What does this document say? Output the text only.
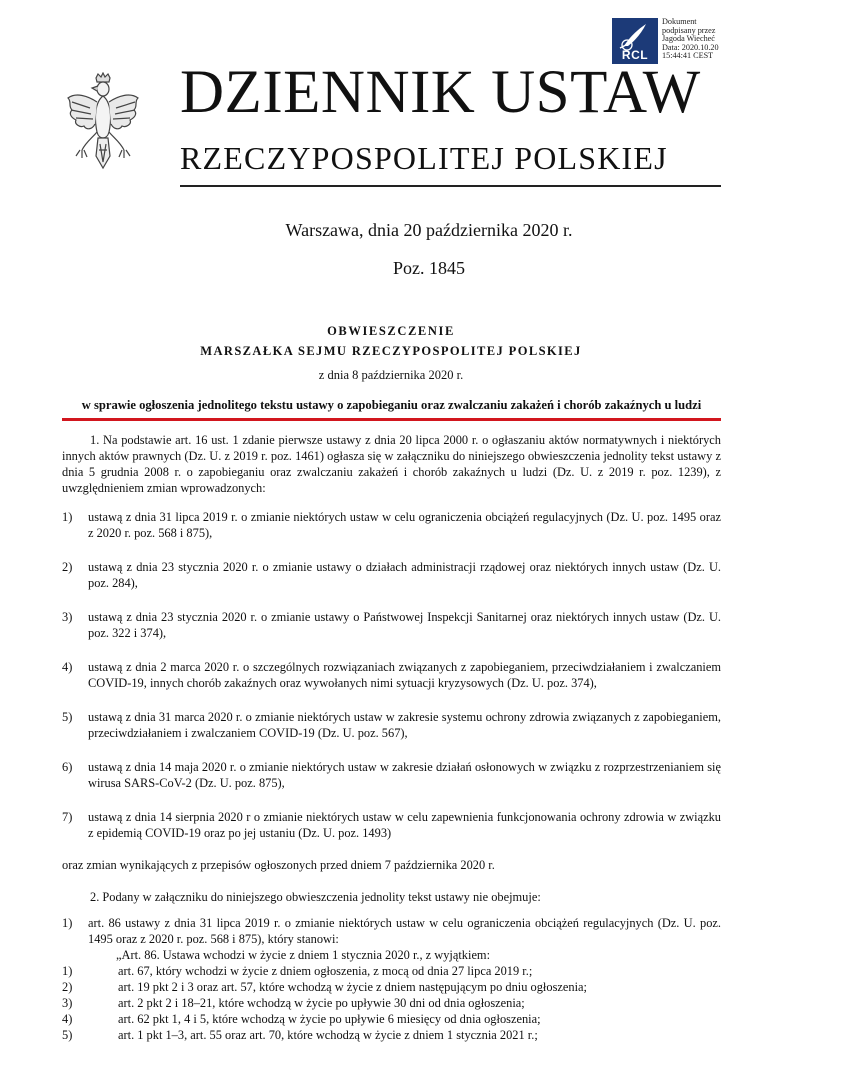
RCL
Dokument
podpisany przez
Jagoda Wiecheć
Data: 2020.10.20
15:44:41 CEST
DZIENNIK USTAW
RZECZYPOSPOLITEJ POLSKIEJ
Warszawa, dnia 20 października 2020 r.
Poz. 1845
OBWIESZCZENIE
MARSZAŁKA SEJMU RZECZYPOSPOLITEJ POLSKIEJ
z dnia 8 października 2020 r.
w sprawie ogłoszenia jednolitego tekstu ustawy o zapobieganiu oraz zwalczaniu zakażeń i chorób zakaźnych u ludzi

1. Na podstawie art. 16 ust. 1 zdanie pierwsze ustawy z dnia 20 lipca 2000 r. o ogłaszaniu aktów normatywnych i niektórych innych aktów prawnych (Dz. U. z 2019 r. poz. 1461) ogłasza się w załączniku do niniejszego obwieszczenia jednolity tekst ustawy z dnia 5 grudnia 2008 r. o zapobieganiu oraz zwalczaniu zakażeń i chorób zakaźnych u ludzi (Dz. U. z 2019 r. poz. 1239), z uwzględnieniem zmian wprowadzonych:

1) ustawą z dnia 31 lipca 2019 r. o zmianie niektórych ustaw w celu ograniczenia obciążeń regulacyjnych (Dz. U. poz. 1495 oraz z 2020 r. poz. 568 i 875),
2) ustawą z dnia 23 stycznia 2020 r. o zmianie ustawy o działach administracji rządowej oraz niektórych innych ustaw (Dz. U. poz. 284),
3) ustawą z dnia 23 stycznia 2020 r. o zmianie ustawy o Państwowej Inspekcji Sanitarnej oraz niektórych innych ustaw (Dz. U. poz. 322 i 374),
4) ustawą z dnia 2 marca 2020 r. o szczególnych rozwiązaniach związanych z zapobieganiem, przeciwdziałaniem i zwalczaniem COVID-19, innych chorób zakaźnych oraz wywołanych nimi sytuacji kryzysowych (Dz. U. poz. 374),
5) ustawą z dnia 31 marca 2020 r. o zmianie niektórych ustaw w zakresie systemu ochrony zdrowia związanych z zapobieganiem, przeciwdziałaniem i zwalczaniem COVID-19 (Dz. U. poz. 567),
6) ustawą z dnia 14 maja 2020 r. o zmianie niektórych ustaw w zakresie działań osłonowych w związku z rozprzestrzenianiem się wirusa SARS-CoV-2 (Dz. U. poz. 875),
7) ustawą z dnia 14 sierpnia 2020 r o zmianie niektórych ustaw w celu zapewnienia funkcjonowania ochrony zdrowia w związku z epidemią COVID-19 oraz po jej ustaniu (Dz. U. poz. 1493)

oraz zmian wynikających z przepisów ogłoszonych przed dniem 7 października 2020 r.

2. Podany w załączniku do niniejszego obwieszczenia jednolity tekst ustawy nie obejmuje:

1) art. 86 ustawy z dnia 31 lipca 2019 r. o zmianie niektórych ustaw w celu ograniczenia obciążeń regulacyjnych (Dz. U. poz. 1495 oraz z 2020 r. poz. 568 i 875), który stanowi:

„Art. 86. Ustawa wchodzi w życie z dniem 1 stycznia 2020 r., z wyjątkiem:

1)	art. 67, który wchodzi w życie z dniem ogłoszenia, z mocą od dnia 27 lipca 2019 r.;
2)	art. 19 pkt 2 i 3 oraz art. 57, które wchodzą w życie z dniem następującym po dniu ogłoszenia;
3)	art. 2 pkt 2 i 18–21, które wchodzą w życie po upływie 30 dni od dnia ogłoszenia;
4)	art. 62 pkt 1, 4 i 5, które wchodzą w życie po upływie 6 miesięcy od dnia ogłoszenia;
5)	art. 1 pkt 1–3, art. 55 oraz art. 70, które wchodzą w życie z dniem 1 stycznia 2021 r.;
